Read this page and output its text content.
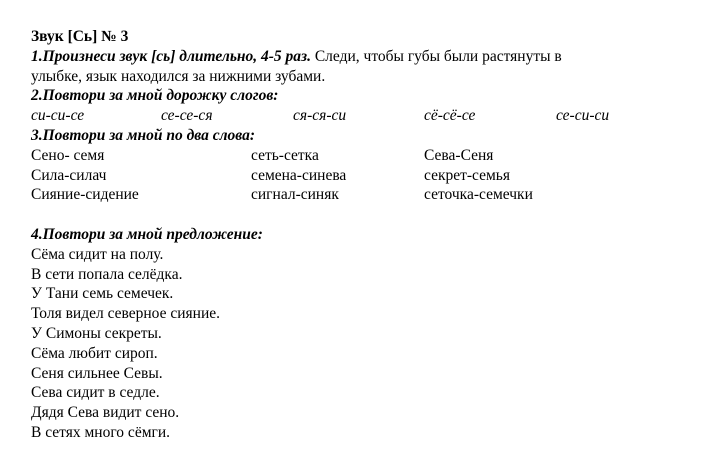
Звук [Сь] № 3
1.Произнеси звук [сь] длительно, 4-5 раз. Следи, чтобы губы были растянуты в
улыбке, язык находился за нижними зубами.
2.Повтори за мной дорожку слогов:
си-си-се	се-се-ся	ся-ся-си	сё-сё-се	се-си-си
3.Повтори за мной по два слова:
Сено- семя	сеть-сетка	Сева-Сеня
Сила-силач	семена-синева	секрет-семья
Сияние-сидение	сигнал-синяк	сеточка-семечки
4.Повтори за мной предложение:
Сёма сидит на полу.
В сети попала селёдка.
У Тани семь семечек.
Толя видел северное сияние.
У Симоны секреты.
Сёма любит сироп.
Сеня сильнее Севы.
Сева сидит в седле.
Дядя Сева видит сено.
В сетях много сёмги.
